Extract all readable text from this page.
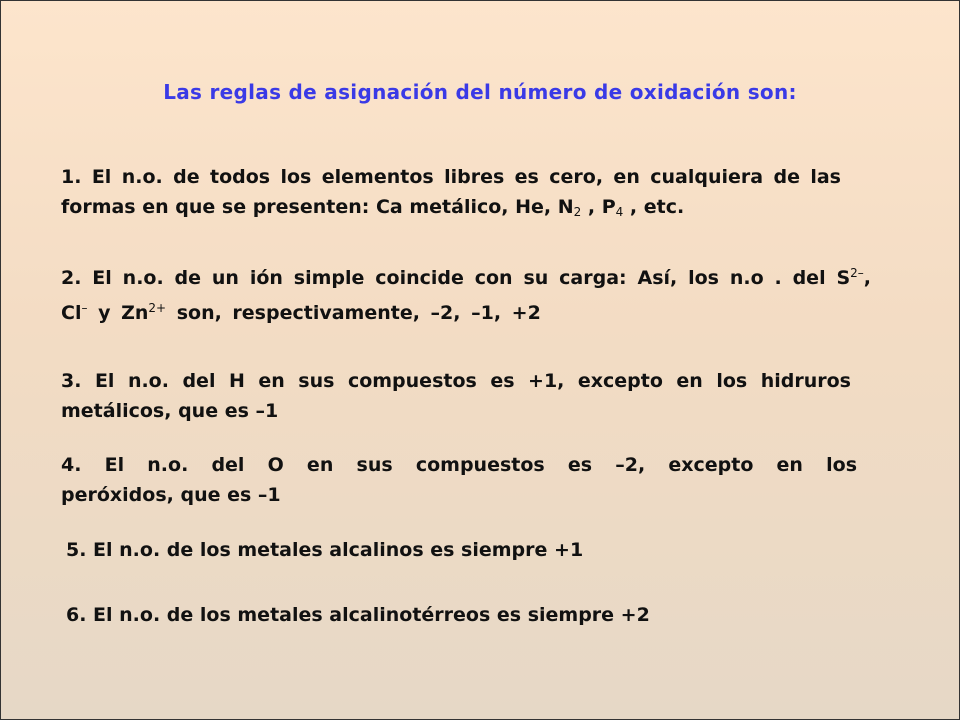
Las reglas de asignación del número de oxidación son:
1. El n.o. de todos los elementos libres es cero, en cualquiera de las formas en que se presenten: Ca metálico, He, $N_2$ , $P_4$ , etc.
2. El n.o. de un ión simple coincide con su carga: Así, los n.o . del $S^{2-}$, Cl– y $Zn^{2+}$ son, respectivamente, –2, –1, +2
3. El n.o. del H en sus compuestos es +1, excepto en los hidruros metálicos, que es –1
4. El n.o. del O en sus compuestos es –2, excepto en los
peróxidos, que es –1
5. El n.o. de los metales alcalinos es siempre +1
6. El n.o. de los metales alcalinotérreos es siempre +2
